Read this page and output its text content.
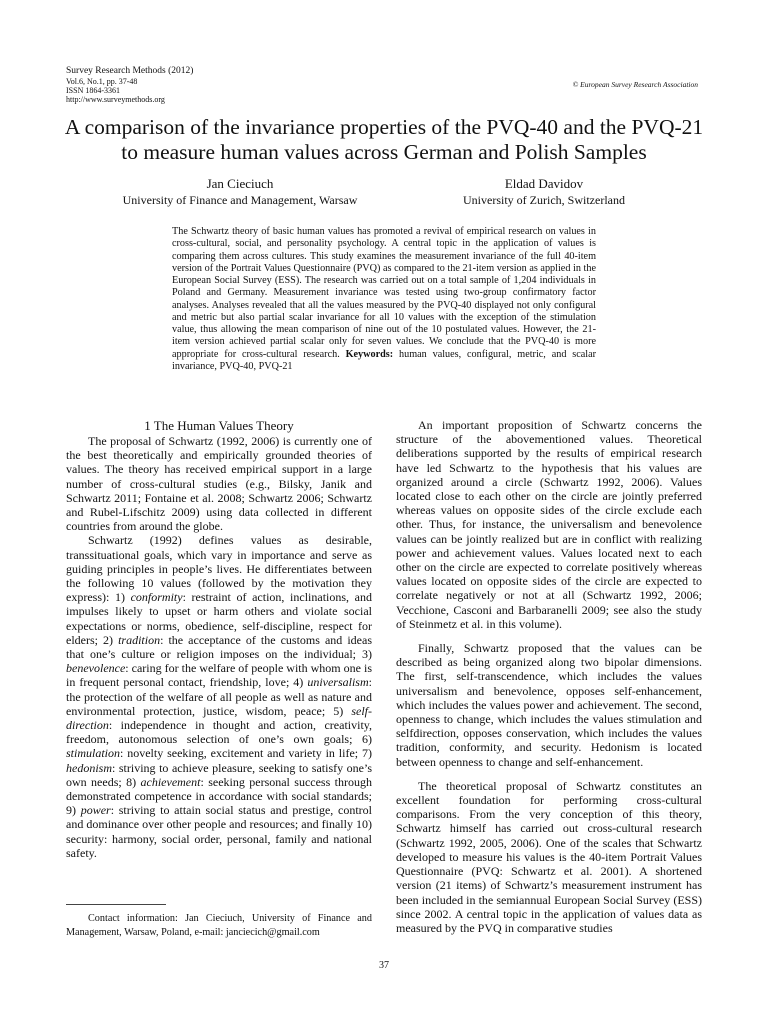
Survey Research Methods (2012)
Vol.6, No.1, pp. 37-48
ISSN 1864-3361
http://www.surveymethods.org
© European Survey Research Association
A comparison of the invariance properties of the PVQ-40 and the PVQ-21 to measure human values across German and Polish Samples
Jan Cieciuch
University of Finance and Management, Warsaw
Eldad Davidov
University of Zurich, Switzerland
The Schwartz theory of basic human values has promoted a revival of empirical research on values in cross-cultural, social, and personality psychology. A central topic in the application of values is comparing them across cultures. This study examines the measurement invariance of the full 40-item version of the Portrait Values Questionnaire (PVQ) as compared to the 21-item version as applied in the European Social Survey (ESS). The research was carried out on a total sample of 1,204 individuals in Poland and Germany. Measurement invariance was tested using two-group confirmatory factor analyses. Analyses revealed that all the values measured by the PVQ-40 displayed not only configural and metric but also partial scalar invariance for all 10 values with the exception of the stimulation value, thus allowing the mean comparison of nine out of the 10 postulated values. However, the 21-item version achieved partial scalar only for seven values. We conclude that the PVQ-40 is more appropriate for cross-cultural research. Keywords: human values, configural, metric, and scalar invariance, PVQ-40, PVQ-21

1 The Human Values Theory

The proposal of Schwartz (1992, 2006) is currently one of the best theoretically and empirically grounded theories of values. The theory has received empirical support in a large number of cross-cultural studies (e.g., Bilsky, Janik and Schwartz 2011; Fontaine et al. 2008; Schwartz 2006; Schwartz and Rubel-Lifschitz 2009) using data collected in different countries from around the globe.

Schwartz (1992) defines values as desirable, transsituational goals, which vary in importance and serve as guiding principles in people’s lives. He differentiates between the following 10 values (followed by the motivation they express): 1) conformity: restraint of action, inclinations, and impulses likely to upset or harm others and violate social expectations or norms, obedience, self-discipline, respect for elders; 2) tradition: the acceptance of the customs and ideas that one’s culture or religion imposes on the individual; 3) benevolence: caring for the welfare of people with whom one is in frequent personal contact, friendship, love; 4) universalism: the protection of the welfare of all people as well as nature and environmental protection, justice, wisdom, peace; 5) self-direction: independence in thought and action, creativity, freedom, autonomous selection of one’s own goals; 6) stimulation: novelty seeking, excitement and variety in life; 7) hedonism: striving to achieve pleasure, seeking to satisfy one’s own needs; 8) achievement: seeking personal success through demonstrated competence in accordance with social standards; 9) power: striving to attain social status and prestige, control and dominance over other people and resources; and finally 10) security: harmony, social order, personal, family and national safety.

An important proposition of Schwartz concerns the structure of the abovementioned values. Theoretical deliberations supported by the results of empirical research have led Schwartz to the hypothesis that his values are organized around a circle (Schwartz 1992, 2006). Values located close to each other on the circle are jointly preferred whereas values on opposite sides of the circle exclude each other. Thus, for instance, the universalism and benevolence values can be jointly realized but are in conflict with realizing power and achievement values. Values located next to each other on the circle are expected to correlate positively whereas values located on opposite sides of the circle are expected to correlate negatively or not at all (Schwartz 1992, 2006; Vecchione, Casconi and Barbaranelli 2009; see also the study of Steinmetz et al. in this volume).

Finally, Schwartz proposed that the values can be described as being organized along two bipolar dimensions. The first, self-transcendence, which includes the values universalism and benevolence, opposes self-enhancement, which includes the values power and achievement. The second, openness to change, which includes the values stimulation and selfdirection, opposes conservation, which includes the values tradition, conformity, and security. Hedonism is located between openness to change and self-enhancement.

The theoretical proposal of Schwartz constitutes an excellent foundation for performing cross-cultural comparisons. From the very conception of this theory, Schwartz himself has carried out cross-cultural research (Schwartz 1992, 2005, 2006). One of the scales that Schwartz developed to measure his values is the 40-item Portrait Values Questionnaire (PVQ: Schwartz et al. 2001). A shortened version (21 items) of Schwartz’s measurement instrument has been included in the semiannual European Social Survey (ESS) since 2002. A central topic in the application of values data as measured by the PVQ in comparative studies

Contact information: Jan Cieciuch, University of Finance and Management, Warsaw, Poland, e-mail: janciecich@gmail.com
37
